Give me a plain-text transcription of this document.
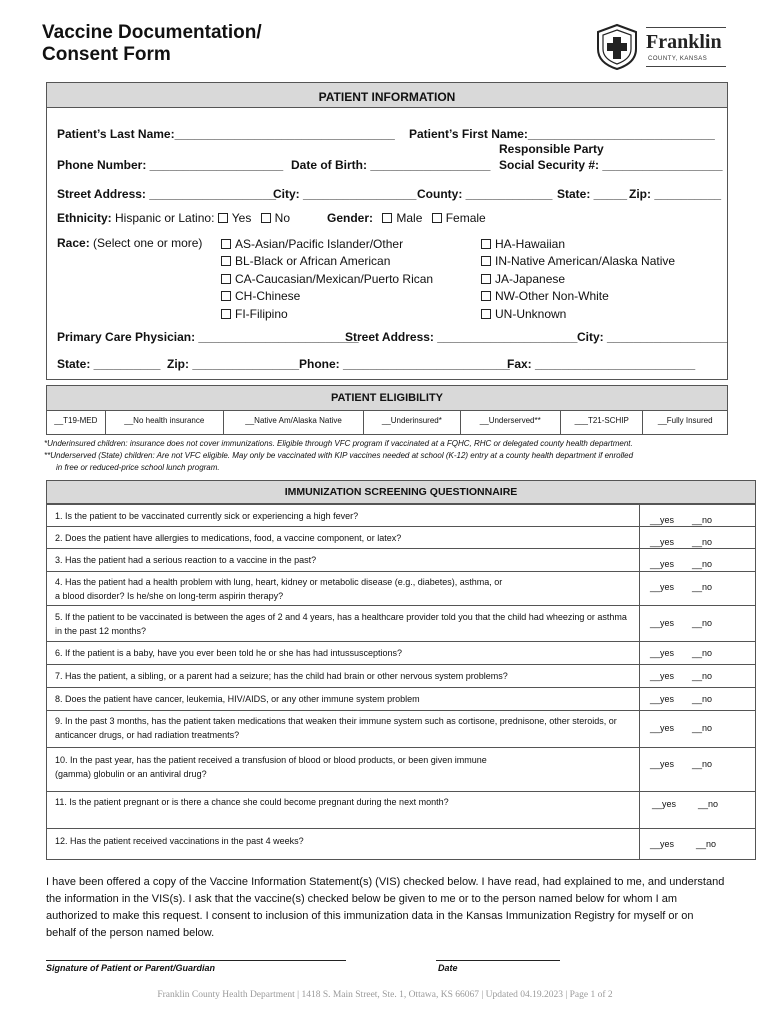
Vaccine Documentation/
Consent Form
Franklin
COUNTY, KANSAS
PATIENT INFORMATION
Patient’s Last Name:_________________________________ Patient’s First Name:____________________________
Responsible Party
Phone Number: ____________________ Date of Birth: __________________ Social Security #: __________________
Street Address: ___________________
City: _________________ County: _____________ State: _____ Zip: __________
Ethnicity: Hispanic or Latino: Yes No	Gender: Male Female
Race: (Select one or more)	AS-Asian/Pacific Islander/Other
BL-Black or African American
CA-Caucasian/Mexican/Puerto Rican
CH-Chinese
FI-Filipino
HA-Hawaiian
IN-Native American/Alaska Native
JA-Japanese
NW-Other Non-White
UN-Unknown
Primary Care Physician: ________________________
Street Address: _____________________ City: __________________
State: __________ Zip: ________________ Phone: _________________________
Fax: ________________________
PATIENT ELIGIBILITY
__T19-MED	__No health insurance	__Native Am/Alaska Native	__Underinsured*	__Underserved**	___T21-SCHIP	__Fully Insured
*Underinsured children: insurance does not cover immunizations. Eligible through VFC program if vaccinated at a FQHC, RHC or delegated county health department.
**Underserved (State) children: Are not VFC eligible. May only be vaccinated with KIP vaccines needed at school (K-12) entry at a county health department if enrolled
in free or reduced-price school lunch program.
IMMUNIZATION SCREENING QUESTIONNAIRE
1. Is the patient to be vaccinated currently sick or experiencing a high fever?	__yes __no
2. Does the patient have allergies to medications, food, a vaccine component, or latex?	__yes __no
3. Has the patient had a serious reaction to a vaccine in the past?	__yes __no
4. Has the patient had a health problem with lung, heart, kidney or metabolic disease (e.g., diabetes), asthma, or a blood disorder? Is he/she on long-term aspirin therapy?
__yes __no
5. If the patient to be vaccinated is between the ages of 2 and 4 years, has a healthcare provider told you that the child had wheezing or asthma in the past 12 months?
__yes __no
6. If the patient is a baby, have you ever been told he or she has had intussusceptions?	__yes __no
7. Has the patient, a sibling, or a parent had a seizure; has the child had brain or other nervous system problems?	__yes __no
8. Does the patient have cancer, leukemia, HIV/AIDS, or any other immune system problem	__yes __no
9. In the past 3 months, has the patient taken medications that weaken their immune system such as cortisone, prednisone, other steroids, or anticancer drugs, or had radiation treatments?
__yes __no
10. In the past year, has the patient received a transfusion of blood or blood products, or been given immune (gamma) globulin or an antiviral drug?
__yes __no
11. Is the patient pregnant or is there a chance she could become pregnant during the next month?	__yes __no
12. Has the patient received vaccinations in the past 4 weeks?	__yes __no
I have been offered a copy of the Vaccine Information Statement(s) (VIS) checked below. I have read, had explained to me, and understand the information in the VIS(s). I ask that the vaccine(s) checked below be given to me or to the person named below for whom I am authorized to make this request. I consent to inclusion of this immunization data in the Kansas Immunization Registry for myself or on behalf of the person named below.
Signature of Patient or Parent/Guardian	Date
Franklin County Health Department | 1418 S. Main Street, Ste. 1, Ottawa, KS 66067 | Updated 04.19.2023 | Page 1 of 2
